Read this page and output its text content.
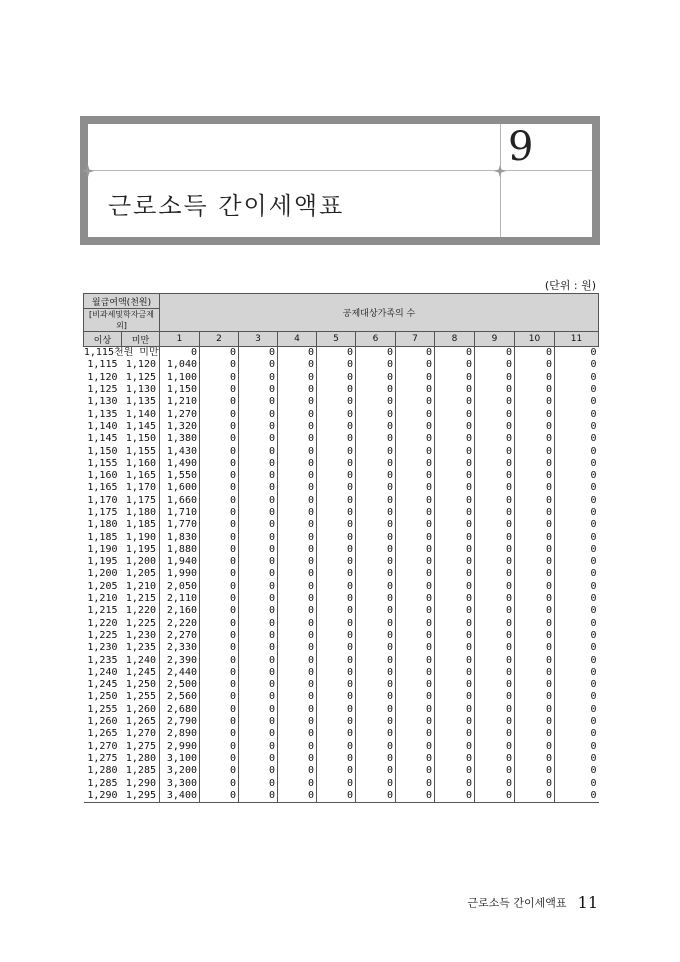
9
근로소득 간이세액표
(단위 : 원)
월급여액(천원)		공제대상가족의 수										
[비과세및학자금제외]												
이상	미만	1	2	3	4	5	6	7	8	9	10	11
1,115천원 미만		0	0	0	0	0	0	0	0	0	0	0
1,115	1,120	1,040	0	0	0	0	0	0	0	0	0	0
1,120	1,125	1,100	0	0	0	0	0	0	0	0	0	0
1,125	1,130	1,150	0	0	0	0	0	0	0	0	0	0
1,130	1,135	1,210	0	0	0	0	0	0	0	0	0	0
1,135	1,140	1,270	0	0	0	0	0	0	0	0	0	0
1,140	1,145	1,320	0	0	0	0	0	0	0	0	0	0
1,145	1,150	1,380	0	0	0	0	0	0	0	0	0	0
1,150	1,155	1,430	0	0	0	0	0	0	0	0	0	0
1,155	1,160	1,490	0	0	0	0	0	0	0	0	0	0
1,160	1,165	1,550	0	0	0	0	0	0	0	0	0	0
1,165	1,170	1,600	0	0	0	0	0	0	0	0	0	0
1,170	1,175	1,660	0	0	0	0	0	0	0	0	0	0
1,175	1,180	1,710	0	0	0	0	0	0	0	0	0	0
1,180	1,185	1,770	0	0	0	0	0	0	0	0	0	0
1,185	1,190	1,830	0	0	0	0	0	0	0	0	0	0
1,190	1,195	1,880	0	0	0	0	0	0	0	0	0	0
1,195	1,200	1,940	0	0	0	0	0	0	0	0	0	0
1,200	1,205	1,990	0	0	0	0	0	0	0	0	0	0
1,205	1,210	2,050	0	0	0	0	0	0	0	0	0	0
1,210	1,215	2,110	0	0	0	0	0	0	0	0	0	0
1,215	1,220	2,160	0	0	0	0	0	0	0	0	0	0
1,220	1,225	2,220	0	0	0	0	0	0	0	0	0	0
1,225	1,230	2,270	0	0	0	0	0	0	0	0	0	0
1,230	1,235	2,330	0	0	0	0	0	0	0	0	0	0
1,235	1,240	2,390	0	0	0	0	0	0	0	0	0	0
1,240	1,245	2,440	0	0	0	0	0	0	0	0	0	0
1,245	1,250	2,500	0	0	0	0	0	0	0	0	0	0
1,250	1,255	2,560	0	0	0	0	0	0	0	0	0	0
1,255	1,260	2,680	0	0	0	0	0	0	0	0	0	0
1,260	1,265	2,790	0	0	0	0	0	0	0	0	0	0
1,265	1,270	2,890	0	0	0	0	0	0	0	0	0	0
1,270	1,275	2,990	0	0	0	0	0	0	0	0	0	0
1,275	1,280	3,100	0	0	0	0	0	0	0	0	0	0
1,280	1,285	3,200	0	0	0	0	0	0	0	0	0	0
1,285	1,290	3,300	0	0	0	0	0	0	0	0	0	0
1,290	1,295	3,400	0	0	0	0	0	0	0	0	0	0
근로소득 간이세액표 11
